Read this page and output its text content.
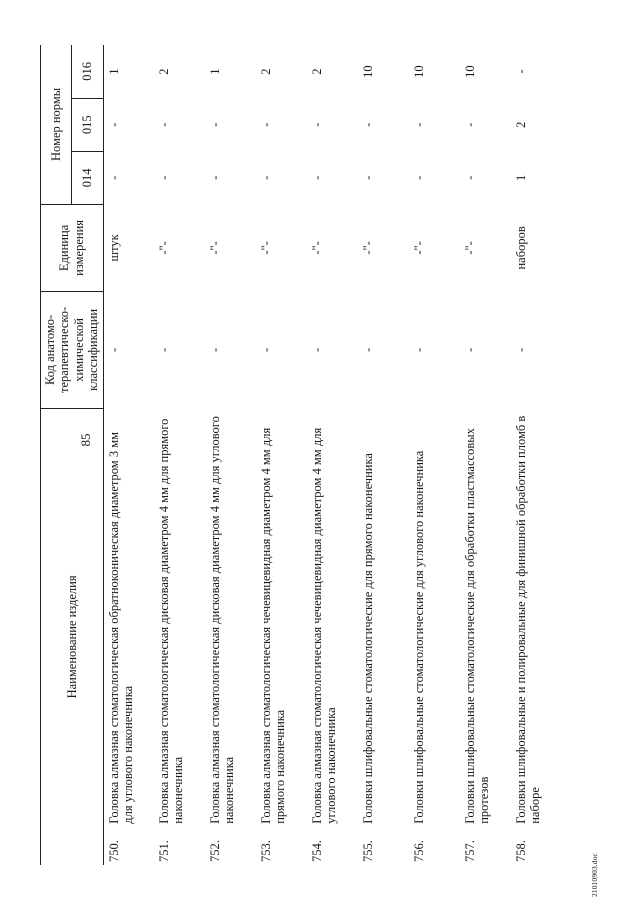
85
Наименование изделия		Код анатомо-терапевтическо-химической классификации	Единица измерения	Номер нормы		
				014	015	016
750.	Головка алмазная стоматологическая обратноконическая диаметром 3 мм для углового наконечника	-	штук	-	-	1
751.	Головка алмазная стоматологическая дисковая диаметром 4 мм для прямого наконечника	-	-"-	-	-	2
752.	Головка алмазная стоматологическая дисковая диаметром 4 мм для углового наконечника	-	-"-	-	-	1
753.	Головка алмазная стоматологическая чечевицевидная диаметром 4 мм для прямого наконечника	-	-"-	-	-	2
754.	Головка алмазная стоматологическая чечевицевидная диаметром 4 мм для углового наконечника	-	-"-	-	-	2
755.	Головки шлифовальные стоматологические для прямого наконечника	-	-"-	-	-	10
756.	Головки шлифовальные стоматологические для углового наконечника	-	-"-	-	-	10
757.	Головки шлифовальные стоматологические для обработки пластмассовых протезов	-	-"-	-	-	10
758.	Головки шлифовальные и полировальные для финишной обработки пломб в наборе	-	наборов	1	2	-
21010903.doc
